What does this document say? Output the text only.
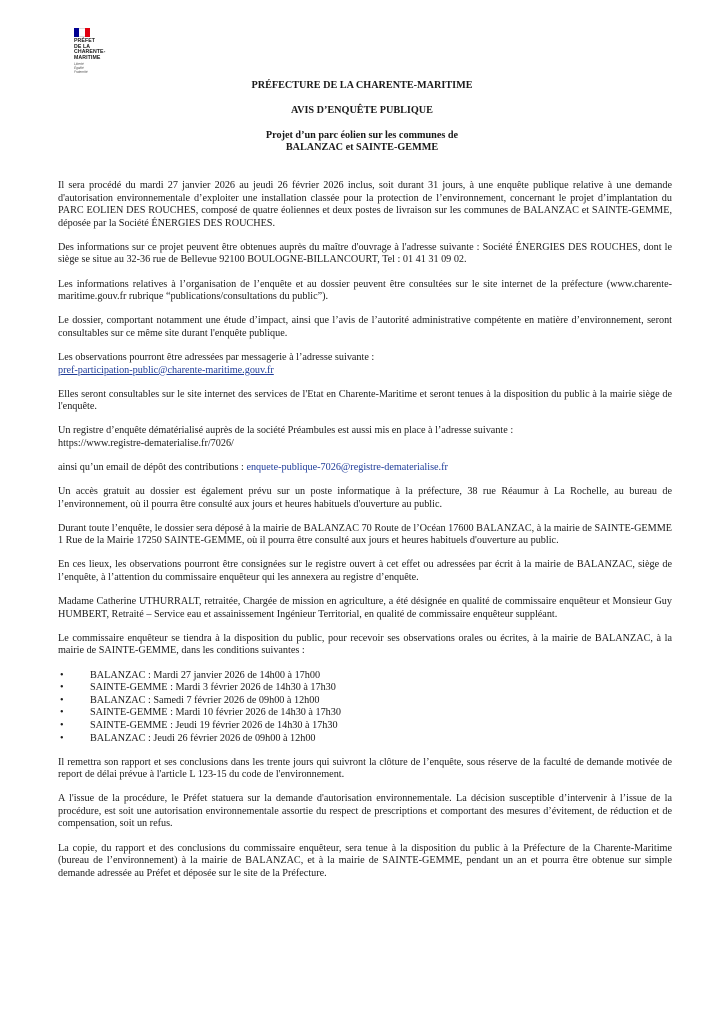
PRÉFET
DE LA
CHARENTE-
MARITIME
Liberté
Égalité
Fraternité
PRÉFECTURE DE LA CHARENTE-MARITIME
AVIS D’ENQUÊTE PUBLIQUE
Projet d’un parc éolien sur les communes de
BALANZAC et SAINTE-GEMME

Il sera procédé du mardi 27 janvier 2026 au jeudi 26 février 2026 inclus, soit durant 31 jours, à une enquête publique relative à une demande d'autorisation environnementale d’exploiter une installation classée pour la protection de l’environnement, concernant le projet d’implantation du PARC EOLIEN DES ROUCHES, composé de quatre éoliennes et deux postes de livraison sur les communes de BALANZAC et SAINTE-GEMME, déposée par la Société ÉNERGIES DES ROUCHES.

Des informations sur ce projet peuvent être obtenues auprès du maître d'ouvrage à l'adresse suivante : Société ÉNERGIES DES ROUCHES, dont le siège se situe au 32-36 rue de Bellevue 92100 BOULOGNE-BILLANCOURT, Tel : 01 41 31 09 02.

Les informations relatives à l’organisation de l’enquête et au dossier peuvent être consultées sur le site internet de la préfecture (www.charente-maritime.gouv.fr rubrique “publications/consultations du public”).

Le dossier, comportant notamment une étude d’impact, ainsi que l’avis de l’autorité administrative compétente en matière d’environnement, seront consultables sur ce même site durant l'enquête publique.

Les observations pourront être adressées par messagerie à l’adresse suivante :
pref-participation-public@charente-maritime.gouv.fr

Elles seront consultables sur le site internet des services de l'Etat en Charente-Maritime et seront tenues à la disposition du public à la mairie siège de l'enquête.

Un registre d’enquête dématérialisé auprès de la société Préambules est aussi mis en place à l’adresse suivante :
https://www.registre-dematerialise.fr/7026/

ainsi qu’un email de dépôt des contributions : enquete-publique-7026@registre-dematerialise.fr

Un accès gratuit au dossier est également prévu sur un poste informatique à la préfecture, 38 rue Réaumur à La Rochelle, au bureau de l’environnement, où il pourra être consulté aux jours et heures habituels d'ouverture au public.

Durant toute l’enquête, le dossier sera déposé à la mairie de BALANZAC 70 Route de l’Océan 17600 BALANZAC, à la mairie de SAINTE-GEMME 1 Rue de la Mairie 17250 SAINTE-GEMME, où il pourra être consulté aux jours et heures habituels d'ouverture au public.

En ces lieux, les observations pourront être consignées sur le registre ouvert à cet effet ou adressées par écrit à la mairie de BALANZAC, siège de l’enquête, à l’attention du commissaire enquêteur qui les annexera au registre d’enquête.

Madame Catherine UTHURRALT, retraitée, Chargée de mission en agriculture, a été désignée en qualité de commissaire enquêteur et Monsieur Guy HUMBERT, Retraité – Service eau et assainissement Ingénieur Territorial, en qualité de commissaire enquêteur suppléant.

Le commissaire enquêteur se tiendra à la disposition du public, pour recevoir ses observations orales ou écrites, à la mairie de BALANZAC, à la mairie de SAINTE-GEMME, dans les conditions suivantes :

•	BALANZAC : Mardi 27 janvier 2026 de 14h00 à 17h00
•	SAINTE-GEMME : Mardi 3 février 2026 de 14h30 à 17h30
•	BALANZAC : Samedi 7 février 2026 de 09h00 à 12h00
•	SAINTE-GEMME : Mardi 10 février 2026 de 14h30 à 17h30
•	SAINTE-GEMME : Jeudi 19 février 2026 de 14h30 à 17h30
•	BALANZAC : Jeudi 26 février 2026 de 09h00 à 12h00

Il remettra son rapport et ses conclusions dans les trente jours qui suivront la clôture de l’enquête, sous réserve de la faculté de demande motivée de report de délai prévue à l'article L 123-15 du code de l'environnement.

A l'issue de la procédure, le Préfet statuera sur la demande d'autorisation environnementale. La décision susceptible d’intervenir à l’issue de la procédure, est soit une autorisation environnementale assortie du respect de prescriptions et comportant des mesures d’évitement, de réduction et de compensation, soit un refus.

La copie, du rapport et des conclusions du commissaire enquêteur, sera tenue à la disposition du public à la Préfecture de la Charente-Maritime (bureau de l’environnement) à la mairie de BALANZAC, et à la mairie de SAINTE-GEMME, pendant un an et pourra être obtenue sur simple demande adressée au Préfet et déposée sur le site de la Préfecture.
